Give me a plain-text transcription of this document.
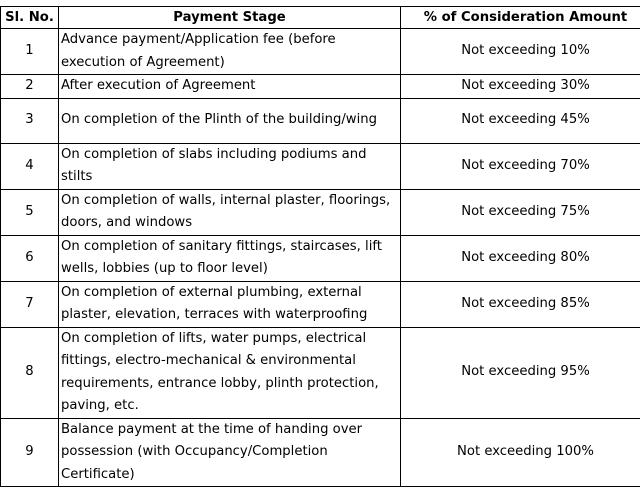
Sl. No.	Payment Stage	% of Consideration Amount
1	Advance payment/Application fee (before execution of Agreement)	Not exceeding 10%
2	After execution of Agreement	Not exceeding 30%
3	On completion of the Plinth of the building/wing	Not exceeding 45%
4	On completion of slabs including podiums and stilts	Not exceeding 70%
5	On completion of walls, internal plaster, floorings, doors, and windows	Not exceeding 75%
6	On completion of sanitary fittings, staircases, lift wells, lobbies (up to floor level)	Not exceeding 80%
7	On completion of external plumbing, external plaster, elevation, terraces with waterproofing	Not exceeding 85%
8	On completion of lifts, water pumps, electrical fittings, electro-mechanical & environmental requirements, entrance lobby, plinth protection, paving, etc.	Not exceeding 95%
9	Balance payment at the time of handing over possession (with Occupancy/Completion Certificate)	Not exceeding 100%
